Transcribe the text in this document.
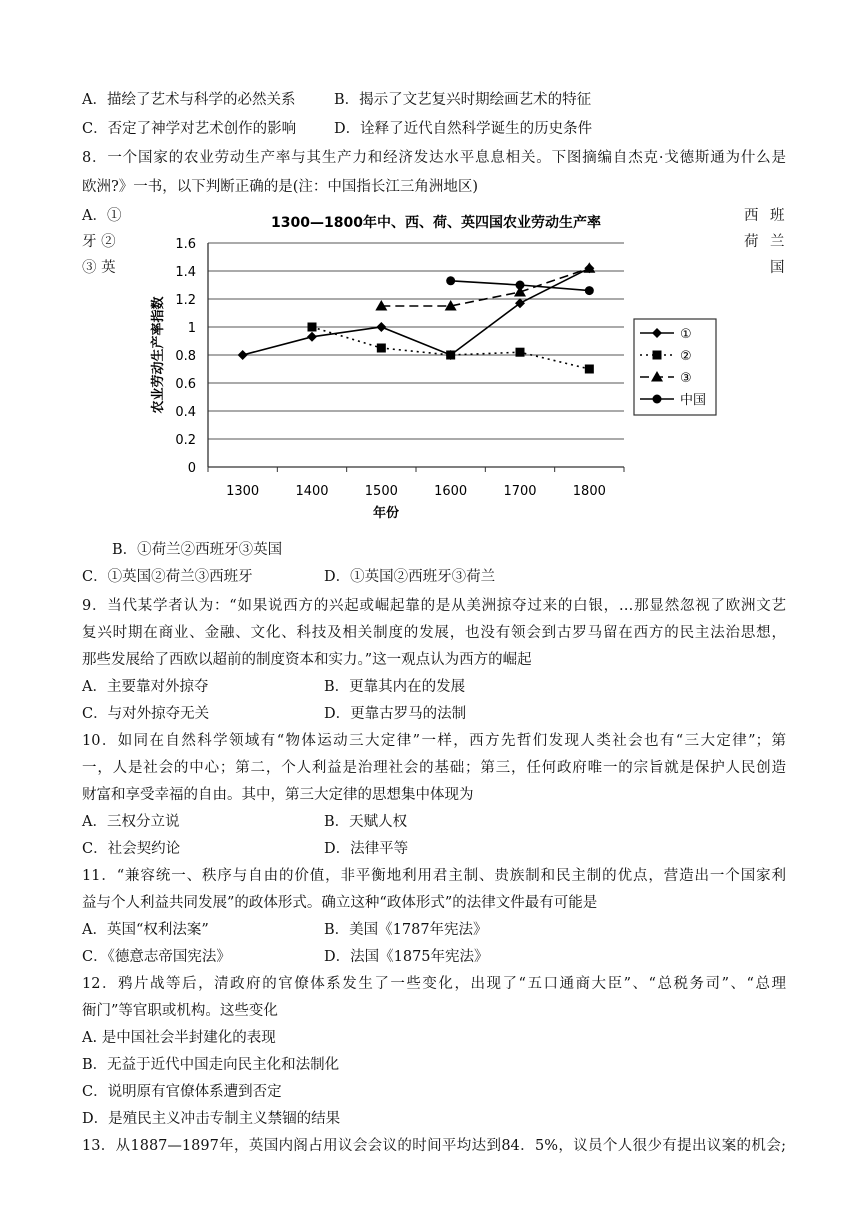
A．描绘了艺术与科学的必然关系	B．揭示了文艺复兴时期绘画艺术的特征
C．否定了神学对艺术创作的影响	D．诠释了近代自然科学诞生的历史条件
8．一个国家的农业劳动生产率与其生产力和经济发达水平息息相关。下图摘编自杰克·戈德斯通为什么是
欧洲?》一书，以下判断正确的是(注：中国指长江三角洲地区)
A．①
牙 ②
③ 英
西 班
荷 兰
国
1300—1800年中、西、荷、英四国农业劳动生产率
0
0.2
0.4
0.6
0.8
1
1.2
1.4
1.6
1300	1400	1500	1600	1700	1800
年份
农业劳动生产率指数	①
②
③
中国
B．①荷兰②西班牙③英国
C．①英国②荷兰③西班牙	D．①英国②西班牙③荷兰
9．当代某学者认为：“如果说西方的兴起或崛起靠的是从美洲掠夺过来的白银，…那显然忽视了欧洲文艺
复兴时期在商业、金融、文化、科技及相关制度的发展，也没有领会到古罗马留在西方的民主法治思想，
那些发展给了西欧以超前的制度资本和实力。”这一观点认为西方的崛起
A．主要靠对外掠夺	B．更靠其内在的发展
C．与对外掠夺无关	D．更靠古罗马的法制
10．如同在自然科学领域有“物体运动三大定律”一样，西方先哲们发现人类社会也有“三大定律”；第
一，人是社会的中心；第二，个人利益是治理社会的基础；第三，任何政府唯一的宗旨就是保护人民创造
财富和享受幸福的自由。其中，第三大定律的思想集中体现为
A．三权分立说	B．天赋人权
C．社会契约论	D．法律平等
11．“兼容统一、秩序与自由的价值，非平衡地利用君主制、贵族制和民主制的优点，营造出一个国家利
益与个人利益共同发展”的政体形式。确立这种“政体形式”的法律文件最有可能是
A．英国“权利法案”	B．美国《1787年宪法》
C．《德意志帝国宪法》	D．法国《1875年宪法》
12．鸦片战等后，清政府的官僚体系发生了一些变化，出现了“五口通商大臣”、“总税务司”、“总理
衙门”等官职或机构。这些变化
A. 是中国社会半封建化的表现
B．无益于近代中国走向民主化和法制化
C．说明原有官僚体系遭到否定
D．是殖民主义冲击专制主义禁锢的结果
13．从1887—1897年，英国内阁占用议会会议的时间平均达到84．5%，议员个人很少有提出议案的机会;
